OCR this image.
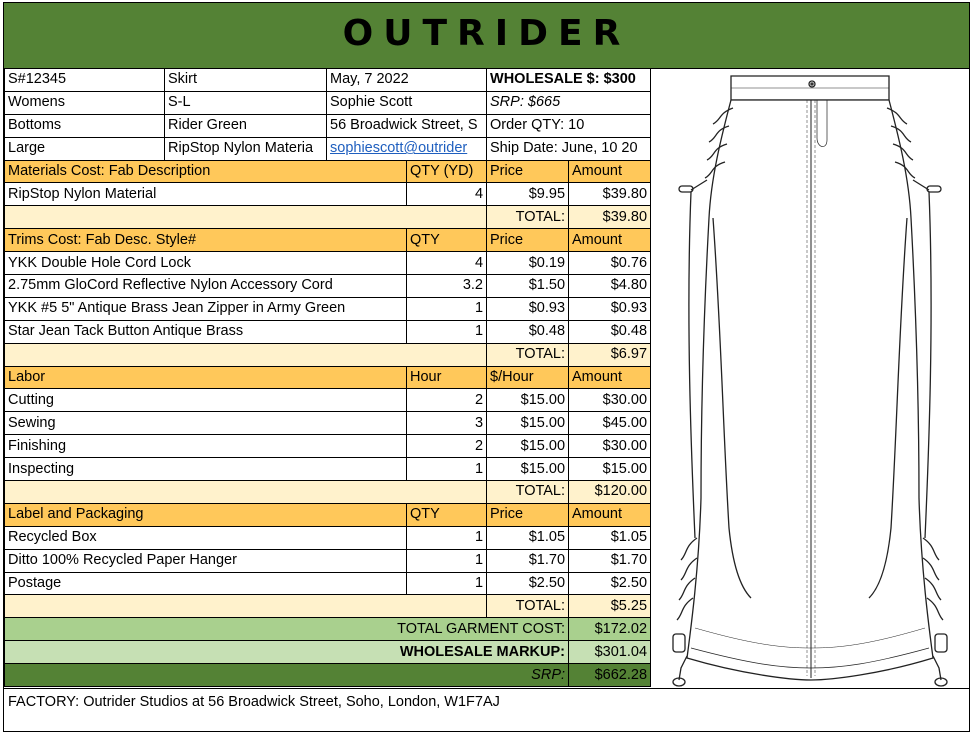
OUTRIDER
S#12345	Skirt	May, 7 2022		WHOLESALE $: $300	
Womens	S-L	Sophie Scott		SRP: $665	
Bottoms	Rider Green	56 Broadwick Street, S		Order QTY: 10	
Large	RipStop Nylon Materia	sophiescott@outrider		Ship Date: June, 10 20	
Materials Cost: Fab Description			QTY (YD)	Price	Amount
RipStop Nylon Material			4	$9.95	$39.80
				TOTAL:	$39.80
Trims Cost: Fab Desc. Style#			QTY	Price	Amount
YKK Double Hole Cord Lock			4	$0.19	$0.76
2.75mm GloCord Reflective Nylon Accessory Cord			3.2	$1.50	$4.80
YKK #5 5" Antique Brass Jean Zipper in Army Green			1	$0.93	$0.93
Star Jean Tack Button Antique Brass			1	$0.48	$0.48
				TOTAL:	$6.97
Labor			Hour	$/Hour	Amount
Cutting			2	$15.00	$30.00
Sewing			3	$15.00	$45.00
Finishing			2	$15.00	$30.00
Inspecting			1	$15.00	$15.00
				TOTAL:	$120.00
Label and Packaging			QTY	Price	Amount
Recycled Box			1	$1.05	$1.05
Ditto 100% Recycled Paper Hanger			1	$1.70	$1.70
Postage			1	$2.50	$2.50
				TOTAL:	$5.25
TOTAL GARMENT COST:					$172.02
WHOLESALE MARKUP:					$301.04
SRP:					$662.28
FACTORY: Outrider Studios at 56 Broadwick Street, Soho, London, W1F7AJ
